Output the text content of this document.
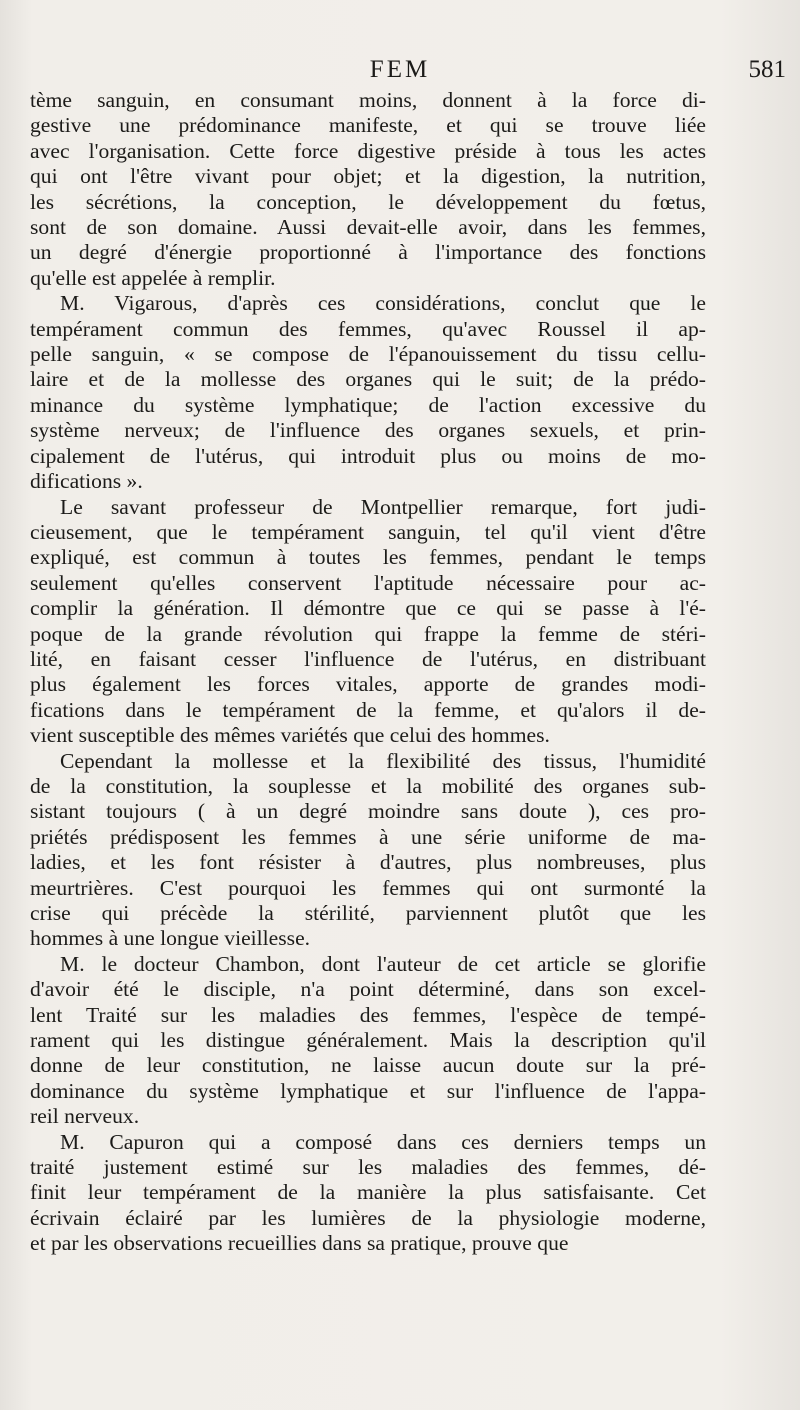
FEM	581
tème sanguin, en consumant moins, donnent à la force di-
gestive une prédominance manifeste, et qui se trouve liée
avec l'organisation. Cette force digestive préside à tous les actes
qui ont l'être vivant pour objet; et la digestion, la nutrition,
les sécrétions, la conception, le développement du fœtus,
sont de son domaine. Aussi devait-elle avoir, dans les femmes,
un degré d'énergie proportionné à l'importance des fonctions
qu'elle est appelée à remplir.
M. Vigarous, d'après ces considérations, conclut que le
tempérament commun des femmes, qu'avec Roussel il ap-
pelle sanguin, « se compose de l'épanouissement du tissu cellu-
laire et de la mollesse des organes qui le suit; de la prédo-
minance du système lymphatique; de l'action excessive du
système nerveux; de l'influence des organes sexuels, et prin-
cipalement de l'utérus, qui introduit plus ou moins de mo-
difications ».
Le savant professeur de Montpellier remarque, fort judi-
cieusement, que le tempérament sanguin, tel qu'il vient d'être
expliqué, est commun à toutes les femmes, pendant le temps
seulement qu'elles conservent l'aptitude nécessaire pour ac-
complir la génération. Il démontre que ce qui se passe à l'é-
poque de la grande révolution qui frappe la femme de stéri-
lité, en faisant cesser l'influence de l'utérus, en distribuant
plus également les forces vitales, apporte de grandes modi-
fications dans le tempérament de la femme, et qu'alors il de-
vient susceptible des mêmes variétés que celui des hommes.
Cependant la mollesse et la flexibilité des tissus, l'humidité
de la constitution, la souplesse et la mobilité des organes sub-
sistant toujours ( à un degré moindre sans doute ), ces pro-
priétés prédisposent les femmes à une série uniforme de ma-
ladies, et les font résister à d'autres, plus nombreuses, plus
meurtrières. C'est pourquoi les femmes qui ont surmonté la
crise qui précède la stérilité, parviennent plutôt que les
hommes à une longue vieillesse.
M. le docteur Chambon, dont l'auteur de cet article se glorifie
d'avoir été le disciple, n'a point déterminé, dans son excel-
lent Traité sur les maladies des femmes, l'espèce de tempé-
rament qui les distingue généralement. Mais la description qu'il
donne de leur constitution, ne laisse aucun doute sur la pré-
dominance du système lymphatique et sur l'influence de l'appa-
reil nerveux.
M. Capuron qui a composé dans ces derniers temps un
traité justement estimé sur les maladies des femmes, dé-
finit leur tempérament de la manière la plus satisfaisante. Cet
écrivain éclairé par les lumières de la physiologie moderne,
et par les observations recueillies dans sa pratique, prouve que
